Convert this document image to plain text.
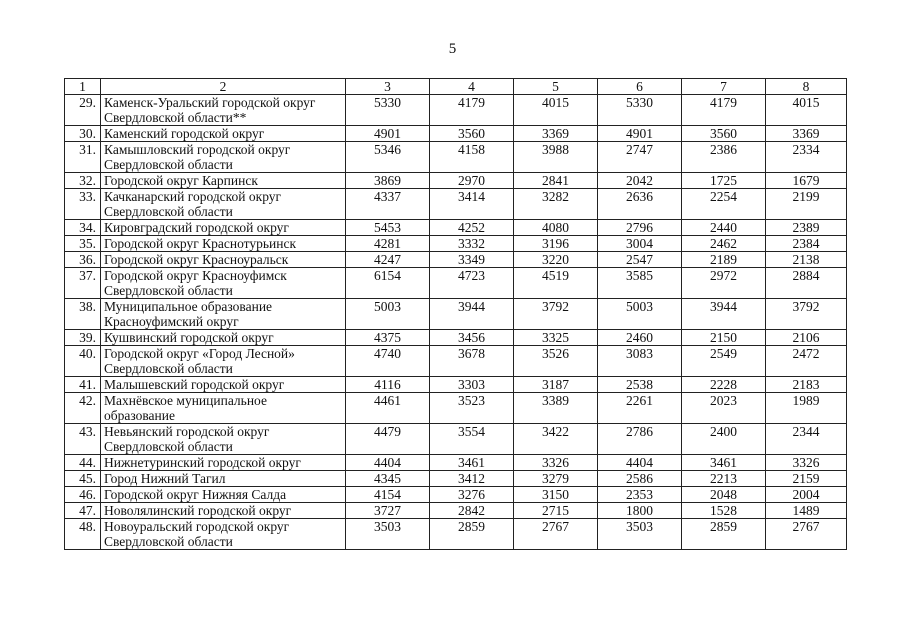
5
1	2	3	4	5	6	7	8
29.	Каменск-Уральский городской округ
Свердловской области**	5330	4179	4015	5330	4179	4015
30.	Каменский городской округ	4901	3560	3369	4901	3560	3369
31.	Камышловский городской округ
Свердловской области	5346	4158	3988	2747	2386	2334
32.	Городской округ Карпинск	3869	2970	2841	2042	1725	1679
33.	Качканарский городской округ
Свердловской области	4337	3414	3282	2636	2254	2199
34.	Кировградский городской округ	5453	4252	4080	2796	2440	2389
35.	Городской округ Краснотурьинск	4281	3332	3196	3004	2462	2384
36.	Городской округ Красноуральск	4247	3349	3220	2547	2189	2138
37.	Городской округ Красноуфимск
Свердловской области	6154	4723	4519	3585	2972	2884
38.	Муниципальное образование
Красноуфимский округ	5003	3944	3792	5003	3944	3792
39.	Кушвинский городской округ	4375	3456	3325	2460	2150	2106
40.	Городской округ «Город Лесной»
Свердловской области	4740	3678	3526	3083	2549	2472
41.	Малышевский городской округ	4116	3303	3187	2538	2228	2183
42.	Махнёвское муниципальное
образование	4461	3523	3389	2261	2023	1989
43.	Невьянский городской округ
Свердловской области	4479	3554	3422	2786	2400	2344
44.	Нижнетуринский городской округ	4404	3461	3326	4404	3461	3326
45.	Город Нижний Тагил	4345	3412	3279	2586	2213	2159
46.	Городской округ Нижняя Салда	4154	3276	3150	2353	2048	2004
47.	Новолялинский городской округ	3727	2842	2715	1800	1528	1489
48.	Новоуральский городской округ
Свердловской области	3503	2859	2767	3503	2859	2767
